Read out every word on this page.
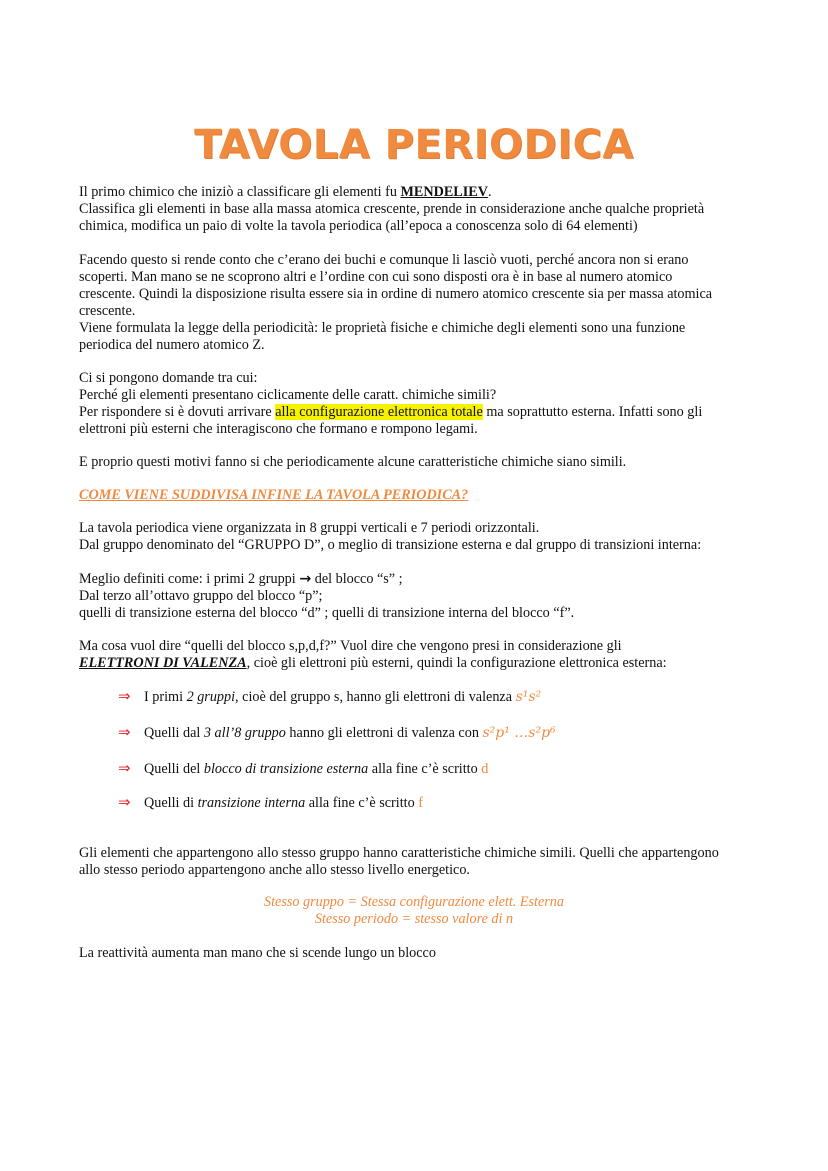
TAVOLA PERIODICA
Il primo chimico che iniziò a classificare gli elementi fu MENDELIEV.
Classifica gli elementi in base alla massa atomica crescente, prende in considerazione anche qualche proprietà
chimica, modifica un paio di volte la tavola periodica (all’epoca a conoscenza solo di 64 elementi)
Facendo questo si rende conto che c’erano dei buchi e comunque li lasciò vuoti, perché ancora non si erano
scoperti. Man mano se ne scoprono altri e l’ordine con cui sono disposti ora è in base al numero atomico
crescente. Quindi la disposizione risulta essere sia in ordine di numero atomico crescente sia per massa atomica
crescente.
Viene formulata la legge della periodicità: le proprietà fisiche e chimiche degli elementi sono una funzione
periodica del numero atomico Z.
Ci si pongono domande tra cui:
Perché gli elementi presentano ciclicamente delle caratt. chimiche simili?
Per rispondere si è dovuti arrivare alla configurazione elettronica totale ma soprattutto esterna. Infatti sono gli
elettroni più esterni che interagiscono che formano e rompono legami.
E proprio questi motivi fanno si che periodicamente alcune caratteristiche chimiche siano simili.
COME VIENE SUDDIVISA INFINE LA TAVOLA PERIODICA?
La tavola periodica viene organizzata in 8 gruppi verticali e 7 periodi orizzontali.
Dal gruppo denominato del “GRUPPO D”, o meglio di transizione esterna e dal gruppo di transizioni interna:
Meglio definiti come: i primi 2 gruppi → del blocco “s” ;
Dal terzo all’ottavo gruppo del blocco “p”;
quelli di transizione esterna del blocco “d” ; quelli di transizione interna del blocco “f”.
Ma cosa vuol dire “quelli del blocco s,p,d,f?” Vuol dire che vengono presi in considerazione gli
ELETTRONI DI VALENZA, cioè gli elettroni più esterni, quindi la configurazione elettronica esterna:
⇒ I primi 2 gruppi, cioè del gruppo s, hanno gli elettroni di valenza s¹s²
⇒ Quelli dal 3 all’8 gruppo hanno gli elettroni di valenza con s²p¹ …s²p⁶
⇒ Quelli del blocco di transizione esterna alla fine c’è scritto d
⇒ Quelli di transizione interna alla fine c’è scritto f
Gli elementi che appartengono allo stesso gruppo hanno caratteristiche chimiche simili. Quelli che appartengono
allo stesso periodo appartengono anche allo stesso livello energetico.
Stesso gruppo = Stessa configurazione elett. Esterna
Stesso periodo = stesso valore di n
La reattività aumenta man mano che si scende lungo un blocco
